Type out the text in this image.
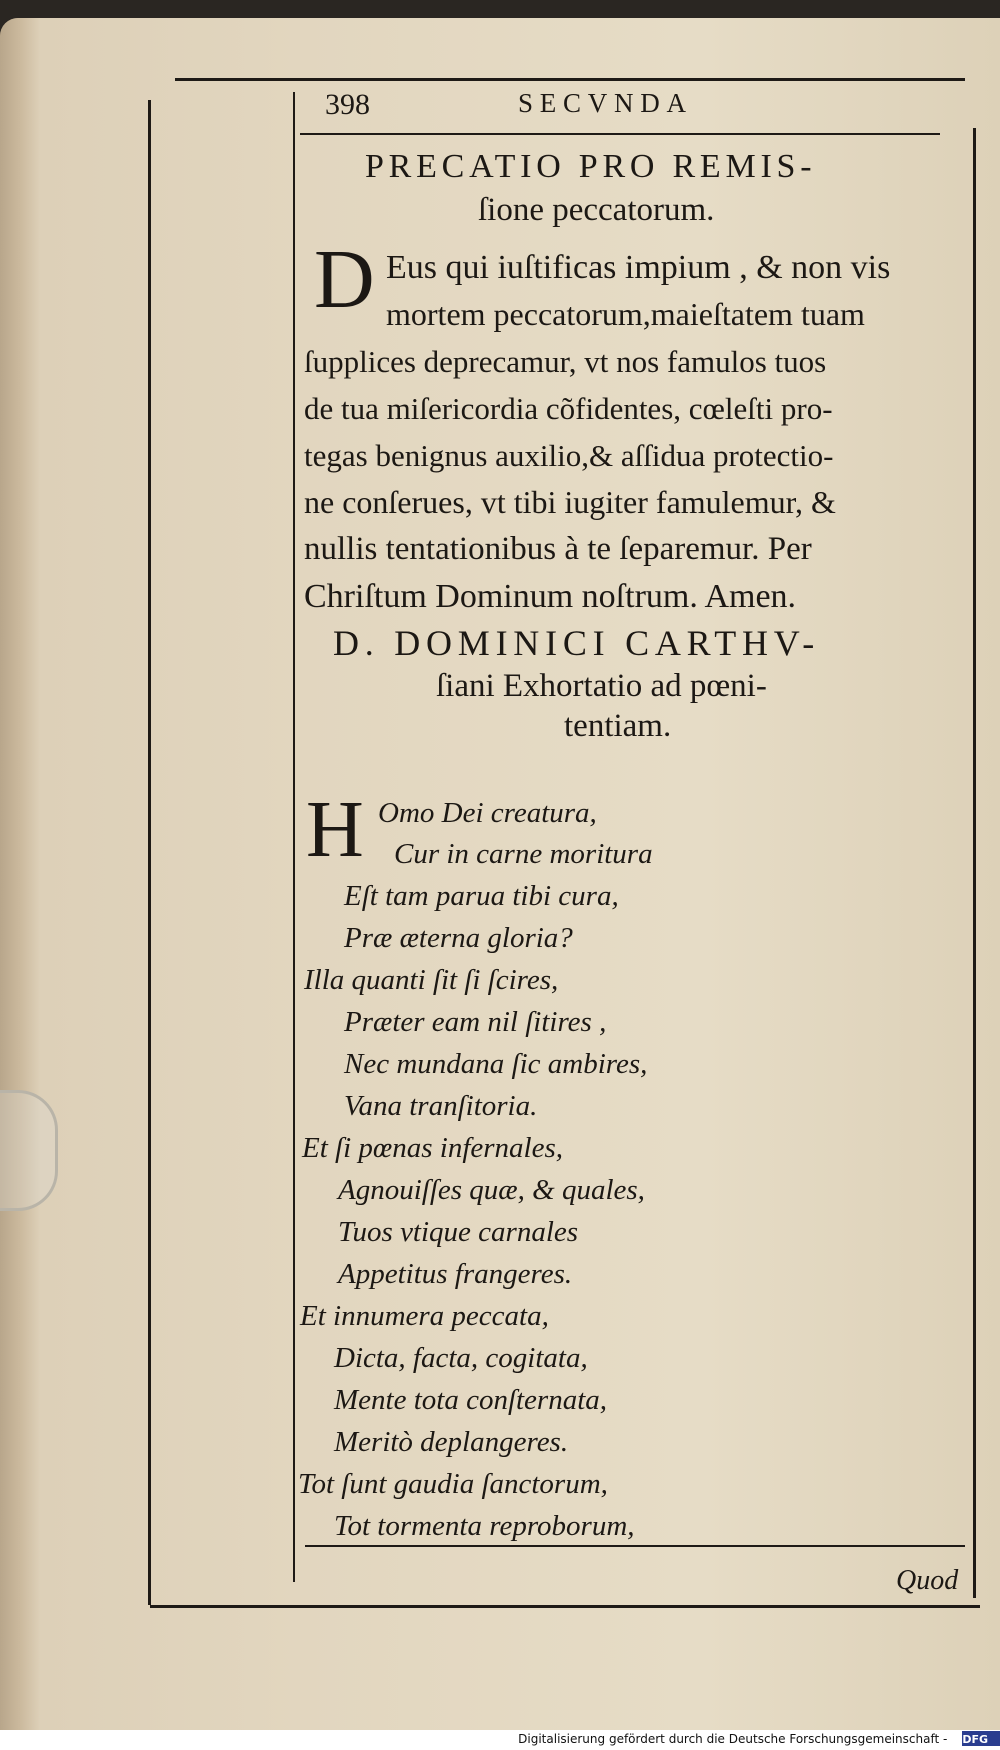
398	SECVNDA
PRECATIO PRO REMIS-
ſione peccatorum.
D Eus qui iuſtificas impium , & non vis

mortem peccatorum,maieſtatem tuam

ſupplices deprecamur, vt nos famulos tuos

de tua miſericordia cõfidentes, cœleſti pro-

tegas benignus auxilio,& aſſidua protectio-

ne conſerues, vt tibi iugiter famulemur, &

nullis tentationibus à te ſeparemur. Per

Chriſtum Dominum noſtrum. Amen.

D. DOMINICI CARTHV-
ſiani Exhortatio ad pœni-
tentiam.
H Omo Dei creatura,
Cur in carne moritura
Eſt tam parua tibi cura,
Præ æterna gloria?
Illa quanti ſit ſi ſcires,
Præter eam nil ſitires ,
Nec mundana ſic ambires,
Vana tranſitoria.
Et ſi pœnas infernales,
Agnouiſſes quæ, & quales,
Tuos vtique carnales
Appetitus frangeres.
Et innumera peccata,
Dicta, facta, cogitata,
Mente tota conſternata,
Meritò deplangeres.
Tot ſunt gaudia ſanctorum,
Tot tormenta reproborum,
Quod
Digitalisierung gefördert durch die Deutsche Forschungsgemeinschaft - DFG
